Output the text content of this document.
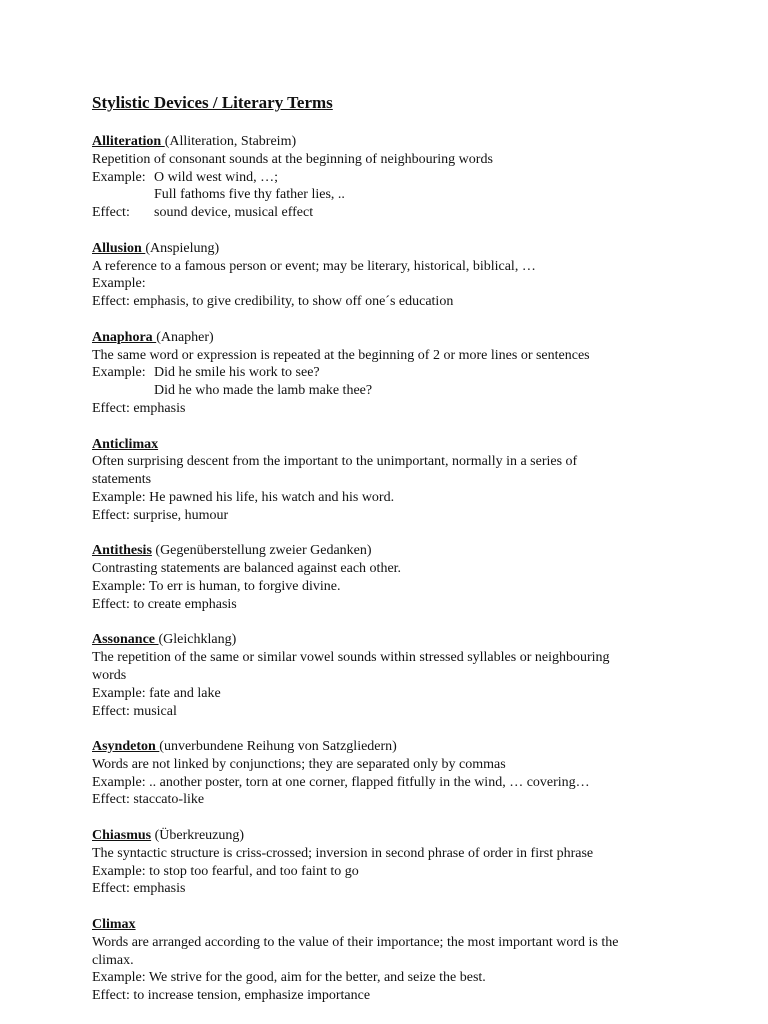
Stylistic Devices / Literary Terms
Alliteration (Alliteration, Stabreim)
Repetition of consonant sounds at the beginning of neighbouring words
Example: O wild west wind, …;
Full fathoms five thy father lies, ..
Effect:	sound device, musical effect
Allusion (Anspielung)
A reference to a famous person or event; may be literary, historical, biblical, …
Example:
Effect: emphasis, to give credibility, to show off one´s education
Anaphora (Anapher)
The same word or expression is repeated at the beginning of 2 or more lines or sentences
Example: Did he smile his work to see?
Did he who made the lamb make thee?
Effect: emphasis
Anticlimax
Often surprising descent from the important to the unimportant, normally in a series of
statements
Example: He pawned his life, his watch and his word.
Effect: surprise, humour
Antithesis (Gegenüberstellung zweier Gedanken)
Contrasting statements are balanced against each other.
Example: To err is human, to forgive divine.
Effect: to create emphasis
Assonance (Gleichklang)
The repetition of the same or similar vowel sounds within stressed syllables or neighbouring
words
Example: fate and lake
Effect: musical
Asyndeton (unverbundene Reihung von Satzgliedern)
Words are not linked by conjunctions; they are separated only by commas
Example: .. another poster, torn at one corner, flapped fitfully in the wind, … covering…
Effect: staccato-like
Chiasmus (Überkreuzung)
The syntactic structure is criss-crossed; inversion in second phrase of order in first phrase
Example: to stop too fearful, and too faint to go
Effect: emphasis
Climax
Words are arranged according to the value of their importance; the most important word is the
climax.
Example: We strive for the good, aim for the better, and seize the best.
Effect: to increase tension, emphasize importance
